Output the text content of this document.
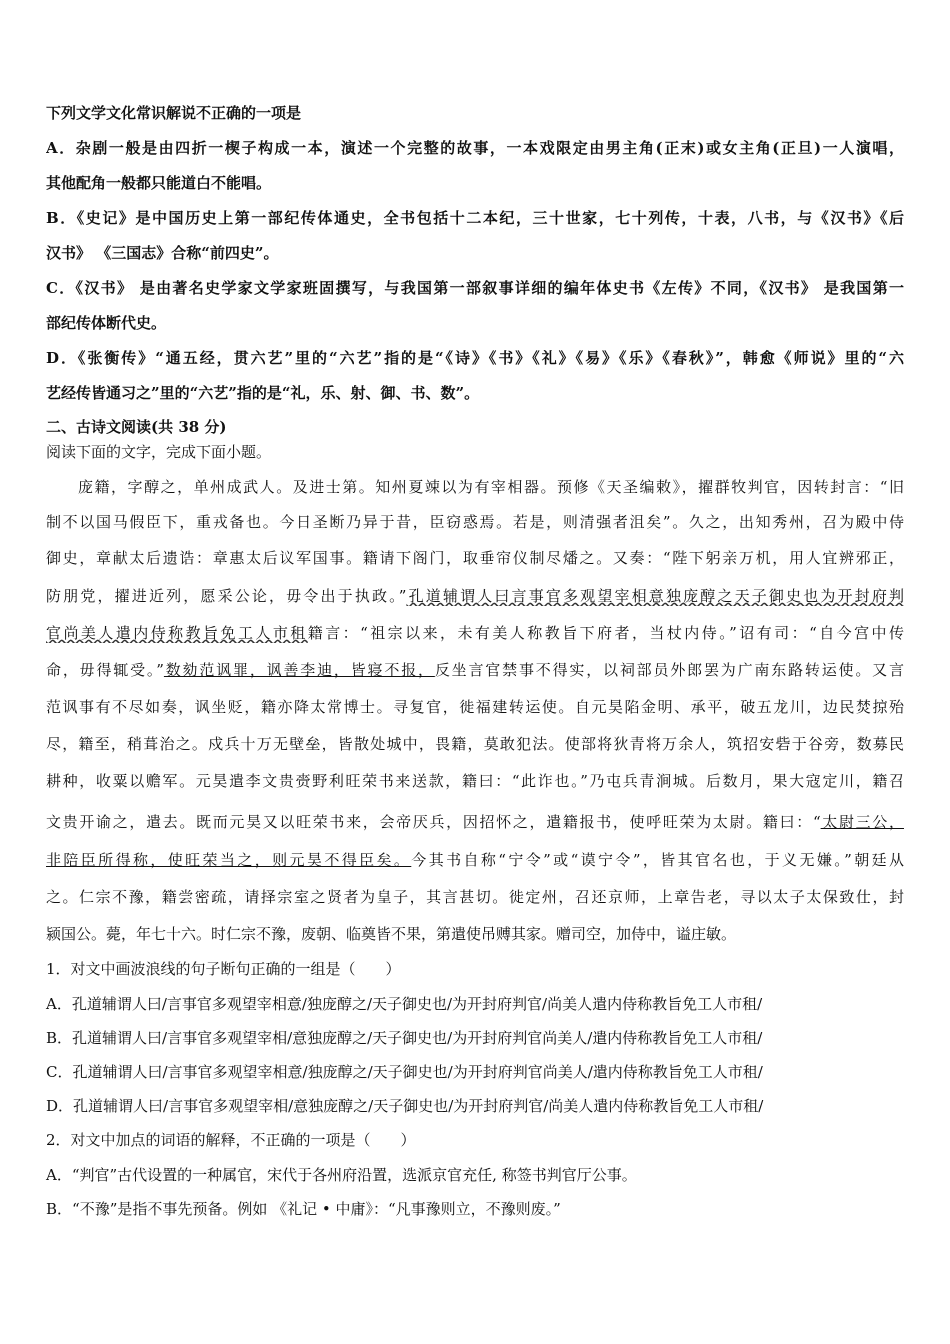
下列文学文化常识解说不正确的一项是
A．杂剧一般是由四折一楔子构成一本，演述一个完整的故事，一本戏限定由男主角(正末)或女主角(正旦)一人演唱，
其他配角一般都只能道白不能唱。
B．《史记》是中国历史上第一部纪传体通史，全书包括十二本纪，三十世家，七十列传，十表，八书，与《汉书》《后
汉书》 《三国志》合称“前四史”。
C．《汉书》 是由著名史学家文学家班固撰写，与我国第一部叙事详细的编年体史书《左传》不同，《汉书》 是我国第一
部纪传体断代史。
D．《张衡传》“通五经，贯六艺”里的“六艺”指的是“《诗》《书》《礼》《易》《乐》《春秋》”，韩愈《师说》里的“六
艺经传皆通习之”里的“六艺”指的是“礼，乐、射、御、书、数”。
二、古诗文阅读(共 38 分)
阅读下面的文字，完成下面小题。
庞籍，字醇之，单州成武人。及进士第。知州夏竦以为有宰相器。预修《天圣编敕》，擢群牧判官，因转封言：“旧
制不以国马假臣下，重戎备也。今日圣断乃异于昔，臣窃惑焉。若是，则清强者沮矣”。久之，出知秀州，召为殿中侍
御史，章献太后遗诰：章惠太后议军国事。籍请下阁门，取垂帘仪制尽燔之。又奏：“陛下躬亲万机，用人宜辨邪正，
防朋党，擢进近列，愿采公论，毋令出于执政。”孔道辅谓人曰言事官多观望宰相意独庞醇之天子御史也为开封府判
官尚美人遣内侍称教旨免工人市租籍言：“祖宗以来，未有美人称教旨下府者，当杖内侍。”诏有司：“自今宫中传
命，毋得辄受。”数劾范讽罪，讽善李迪，皆寝不报，反坐言官禁事不得实，以祠部员外郎罢为广南东路转运使。又言
范讽事有不尽如奏，讽坐贬，籍亦降太常博士。寻复官，徙福建转运使。自元昊陷金明、承平，破五龙川，边民焚掠殆
尽，籍至，稍葺治之。戍兵十万无壁垒，皆散处城中，畏籍，莫敢犯法。使部将狄青将万余人，筑招安砦于谷旁，数募民
耕种，收粟以赡军。元昊遣李文贵赍野利旺荣书来送款，籍曰：“此诈也。”乃屯兵青涧城。后数月，果大寇定川，籍召
文贵开谕之，遣去。既而元昊又以旺荣书来，会帝厌兵，因招怀之，遣籍报书，使呼旺荣为太尉。籍曰：“太尉三公，
非陪臣所得称，使旺荣当之，则元昊不得臣矣。今其书自称“宁令”或“谟宁令”，皆其官名也，于义无嫌。”朝廷从
之。仁宗不豫，籍尝密疏，请择宗室之贤者为皇子，其言甚切。徙定州，召还京师，上章告老，寻以太子太保致仕，封
颍国公。薨，年七十六。时仁宗不豫，废朝、临奠皆不果，第遣使吊赙其家。赠司空，加侍中，谥庄敏。
1．对文中画波浪线的句子断句正确的一组是（　　）
A．孔道辅谓人曰/言事官多观望宰相意/独庞醇之/天子御史也/为开封府判官/尚美人遣内侍称教旨免工人市租/
B．孔道辅谓人曰/言事官多观望宰相/意独庞醇之/天子御史也/为开封府判官尚美人/遣内侍称教旨免工人市租/
C．孔道辅谓人曰/言事官多观望宰相意/独庞醇之/天子御史也/为开封府判官尚美人/遣内侍称教旨免工人市租/
D．孔道辅谓人曰/言事官多观望宰相/意独庞醇之/天子御史也/为开封府判官/尚美人遣内侍称教旨免工人市租/
2．对文中加点的词语的解释，不正确的一项是（　　）
A．“判官”古代设置的一种属官，宋代于各州府沿置，选派京官充任, 称签书判官厅公事。
B．“不豫”是指不事先预备。例如 《礼记 • 中庸》：“凡事豫则立，不豫则废。”
